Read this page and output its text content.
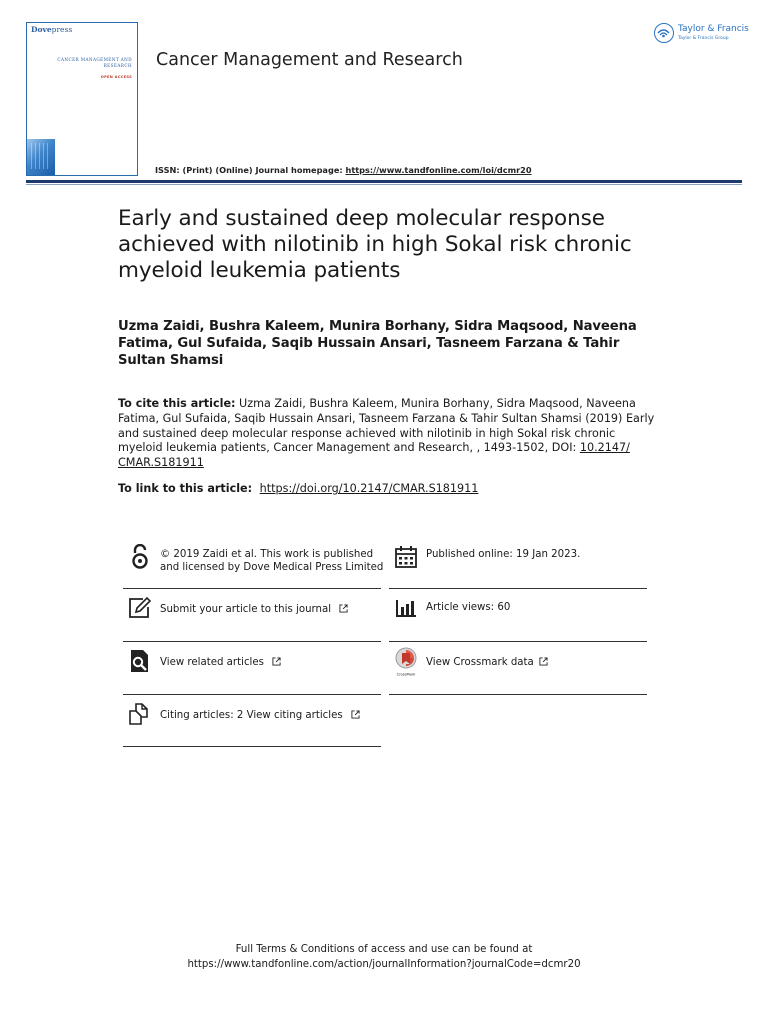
Dovepress
CANCER MANAGEMENT AND
RESEARCH
OPEN ACCESS
Cancer Management and Research
ISSN: (Print) (Online) Journal homepage: https://www.tandfonline.com/loi/dcmr20
Taylor & Francis
Taylor & Francis Group
Early and sustained deep molecular response achieved with nilotinib in high Sokal risk chronic myeloid leukemia patients
Uzma Zaidi, Bushra Kaleem, Munira Borhany, Sidra Maqsood, Naveena Fatima, Gul Sufaida, Saqib Hussain Ansari, Tasneem Farzana & Tahir Sultan Shamsi
To cite this article: Uzma Zaidi, Bushra Kaleem, Munira Borhany, Sidra Maqsood, Naveena Fatima, Gul Sufaida, Saqib Hussain Ansari, Tasneem Farzana & Tahir Sultan Shamsi (2019) Early and sustained deep molecular response achieved with nilotinib in high Sokal risk chronic myeloid leukemia patients, Cancer Management and Research, , 1493-1502, DOI: 10.2147/ CMAR.S181911
To link to this article: https://doi.org/10.2147/CMAR.S181911
© 2019 Zaidi et al. This work is published
and licensed by Dove Medical Press Limited
Published online: 19 Jan 2023.
Submit your article to this journal	Article views: 60
View related articles
CrossMark
View Crossmark data
Citing articles: 2 View citing articles
Full Terms & Conditions of access and use can be found at
https://www.tandfonline.com/action/journalInformation?journalCode=dcmr20
